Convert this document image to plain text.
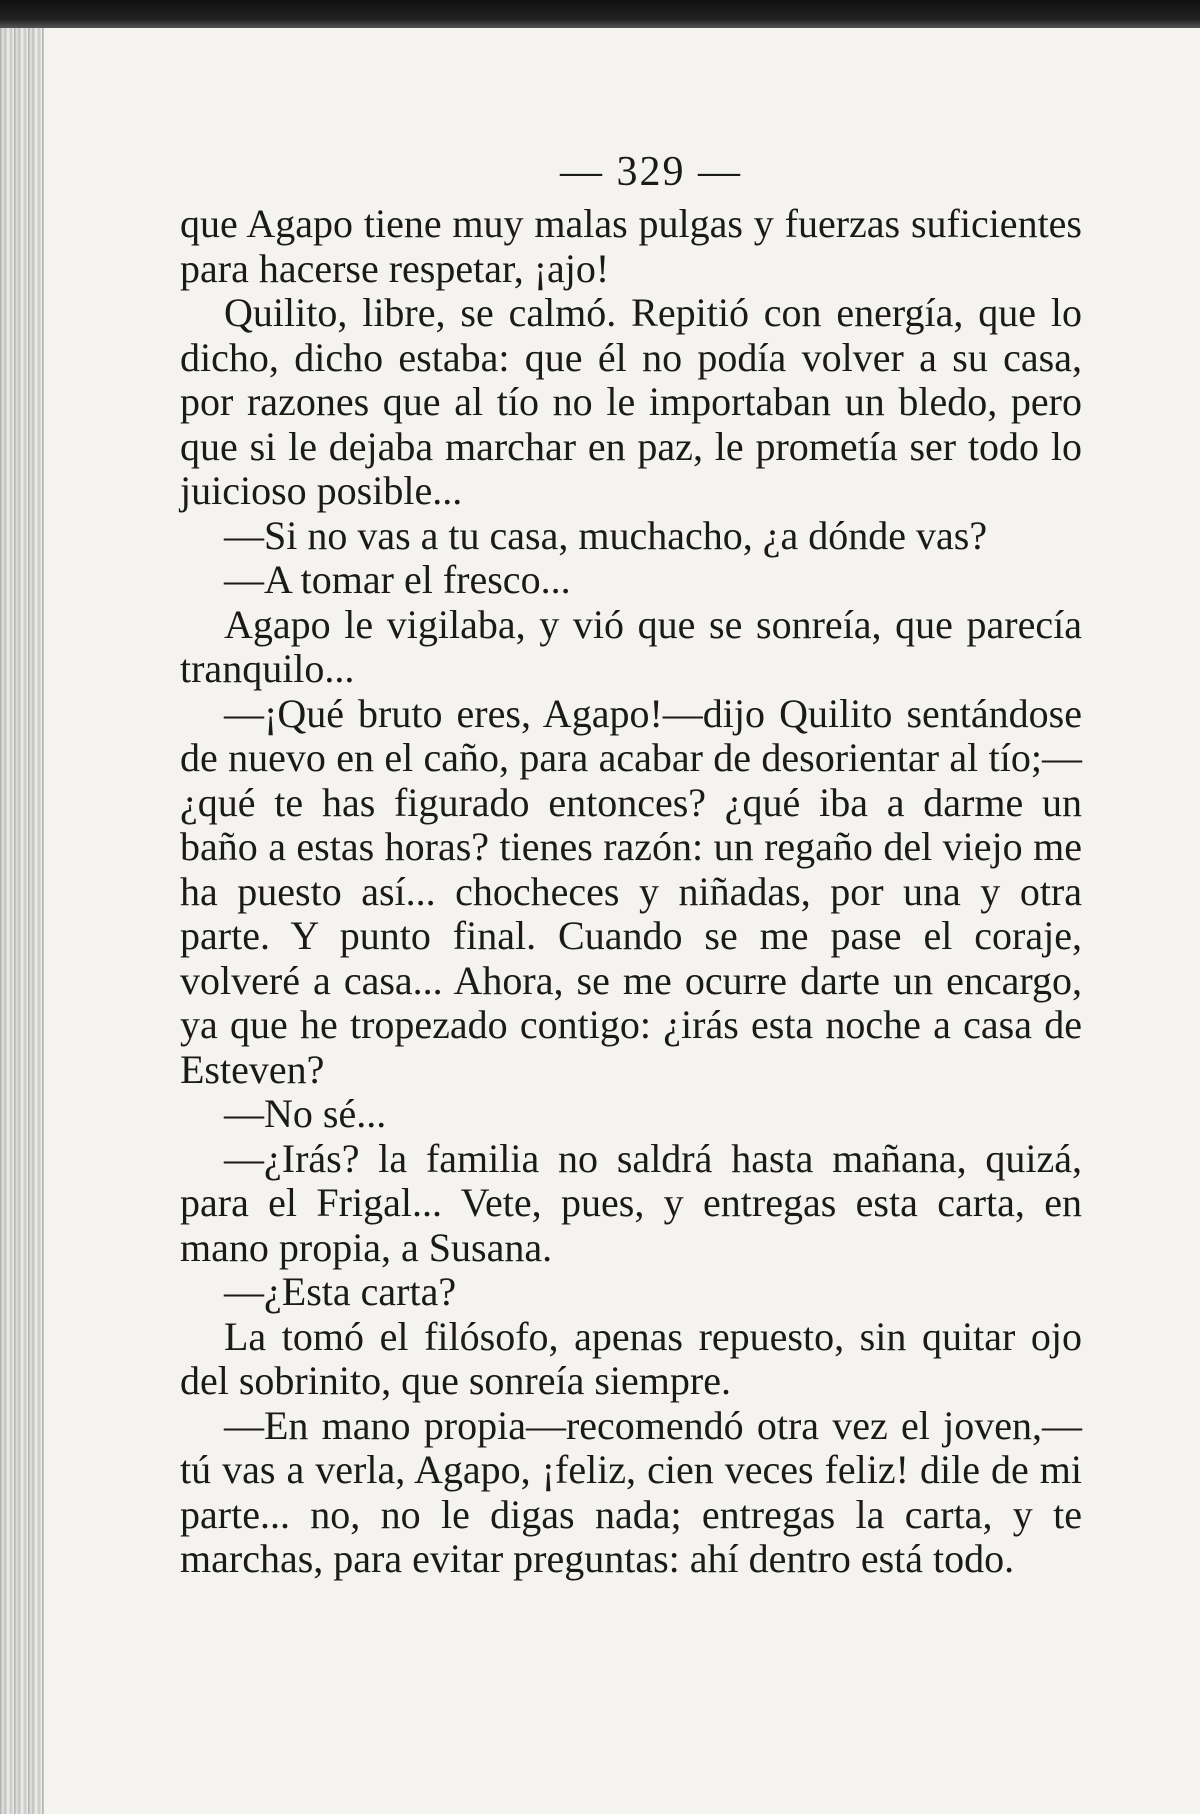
— 329 —

que Agapo tiene muy malas pulgas y fuerzas suficientes para hacerse respetar, ¡ajo!

Quilito, libre, se calmó. Repitió con energía, que lo dicho, dicho estaba: que él no podía volver a su casa, por razones que al tío no le importaban un bledo, pero que si le dejaba marchar en paz, le prometía ser todo lo juicioso posible...

—Si no vas a tu casa, muchacho, ¿a dónde vas?

—A tomar el fresco...

Agapo le vigilaba, y vió que se sonreía, que parecía tranquilo...

—¡Qué bruto eres, Agapo!—dijo Quilito sentándose de nuevo en el caño, para acabar de desorientar al tío;—¿qué te has figurado entonces? ¿qué iba a darme un baño a estas horas? tienes razón: un regaño del viejo me ha puesto así... chocheces y niñadas, por una y otra parte. Y punto final. Cuando se me pase el coraje, volveré a casa... Ahora, se me ocurre darte un encargo, ya que he tropezado contigo: ¿irás esta noche a casa de Esteven?

—No sé...

—¿Irás? la familia no saldrá hasta mañana, quizá, para el Frigal... Vete, pues, y entregas esta carta, en mano propia, a Susana.

—¿Esta carta?

La tomó el filósofo, apenas repuesto, sin quitar ojo del sobrinito, que sonreía siempre.

—En mano propia—recomendó otra vez el joven,—tú vas a verla, Agapo, ¡feliz, cien veces feliz! dile de mi parte... no, no le digas nada; entregas la carta, y te marchas, para evitar preguntas: ahí dentro está todo.
